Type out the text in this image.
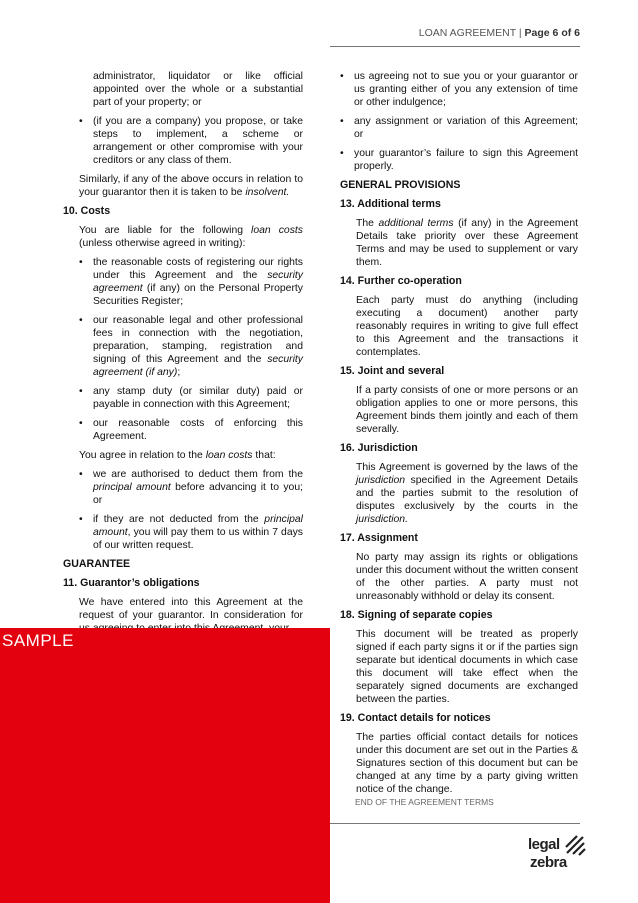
LOAN AGREEMENT | Page 6 of 6
administrator, liquidator or like official appointed over the whole or a substantial part of your property; or
• (if you are a company) you propose, or take steps to implement, a scheme or arrangement or other compromise with your creditors or any class of them.

Similarly, if any of the above occurs in relation to your guarantor then it is taken to be insolvent.

10. Costs

You are liable for the following loan costs (unless otherwise agreed in writing):

• the reasonable costs of registering our rights under this Agreement and the security agreement (if any) on the Personal Property Securities Register;
• our reasonable legal and other professional fees in connection with the negotiation, preparation, stamping, registration and signing of this Agreement and the security agreement (if any);
• any stamp duty (or similar duty) paid or payable in connection with this Agreement;
• our reasonable costs of enforcing this Agreement.

You agree in relation to the loan costs that:

• we are authorised to deduct them from the principal amount before advancing it to you; or
• if they are not deducted from the principal amount, you will pay them to us within 7 days of our written request.
GUARANTEE
11. Guarantor’s obligations

We have entered into this Agreement at the request of your guarantor. In consideration for

• us agreeing not to sue you or your guarantor or us granting either of you any extension of time or other indulgence;
• any assignment or variation of this Agreement; or
• your guarantor’s failure to sign this Agreement properly.
GENERAL PROVISIONS
13. Additional terms

The additional terms (if any) in the Agreement Details take priority over these Agreement Terms and may be used to supplement or vary them.

14. Further co-operation

Each party must do anything (including executing a document) another party reasonably requires in writing to give full effect to this Agreement and the transactions it contemplates.

15. Joint and several

If a party consists of one or more persons or an obligation applies to one or more persons, this Agreement binds them jointly and each of them severally.

16. Jurisdiction

This Agreement is governed by the laws of the jurisdiction specified in the Agreement Details and the parties submit to the resolution of disputes exclusively by the courts in the jurisdiction.

17. Assignment

No party may assign its rights or obligations under this document without the written consent of the other parties. A party must not unreasonably withhold or delay its consent.

18. Signing of separate copies

This document will be treated as properly signed if each party signs it or if the parties sign separate but identical documents in which case this document will take effect when the separately signed documents are exchanged between the parties.

19. Contact details for notices

The parties official contact details for notices under this document are set out in the Parties & Signatures section of this document but can be changed at any time by a party giving written notice of the change.

SAMPLE
END OF THE AGREEMENT TERMS
legal
zebra
